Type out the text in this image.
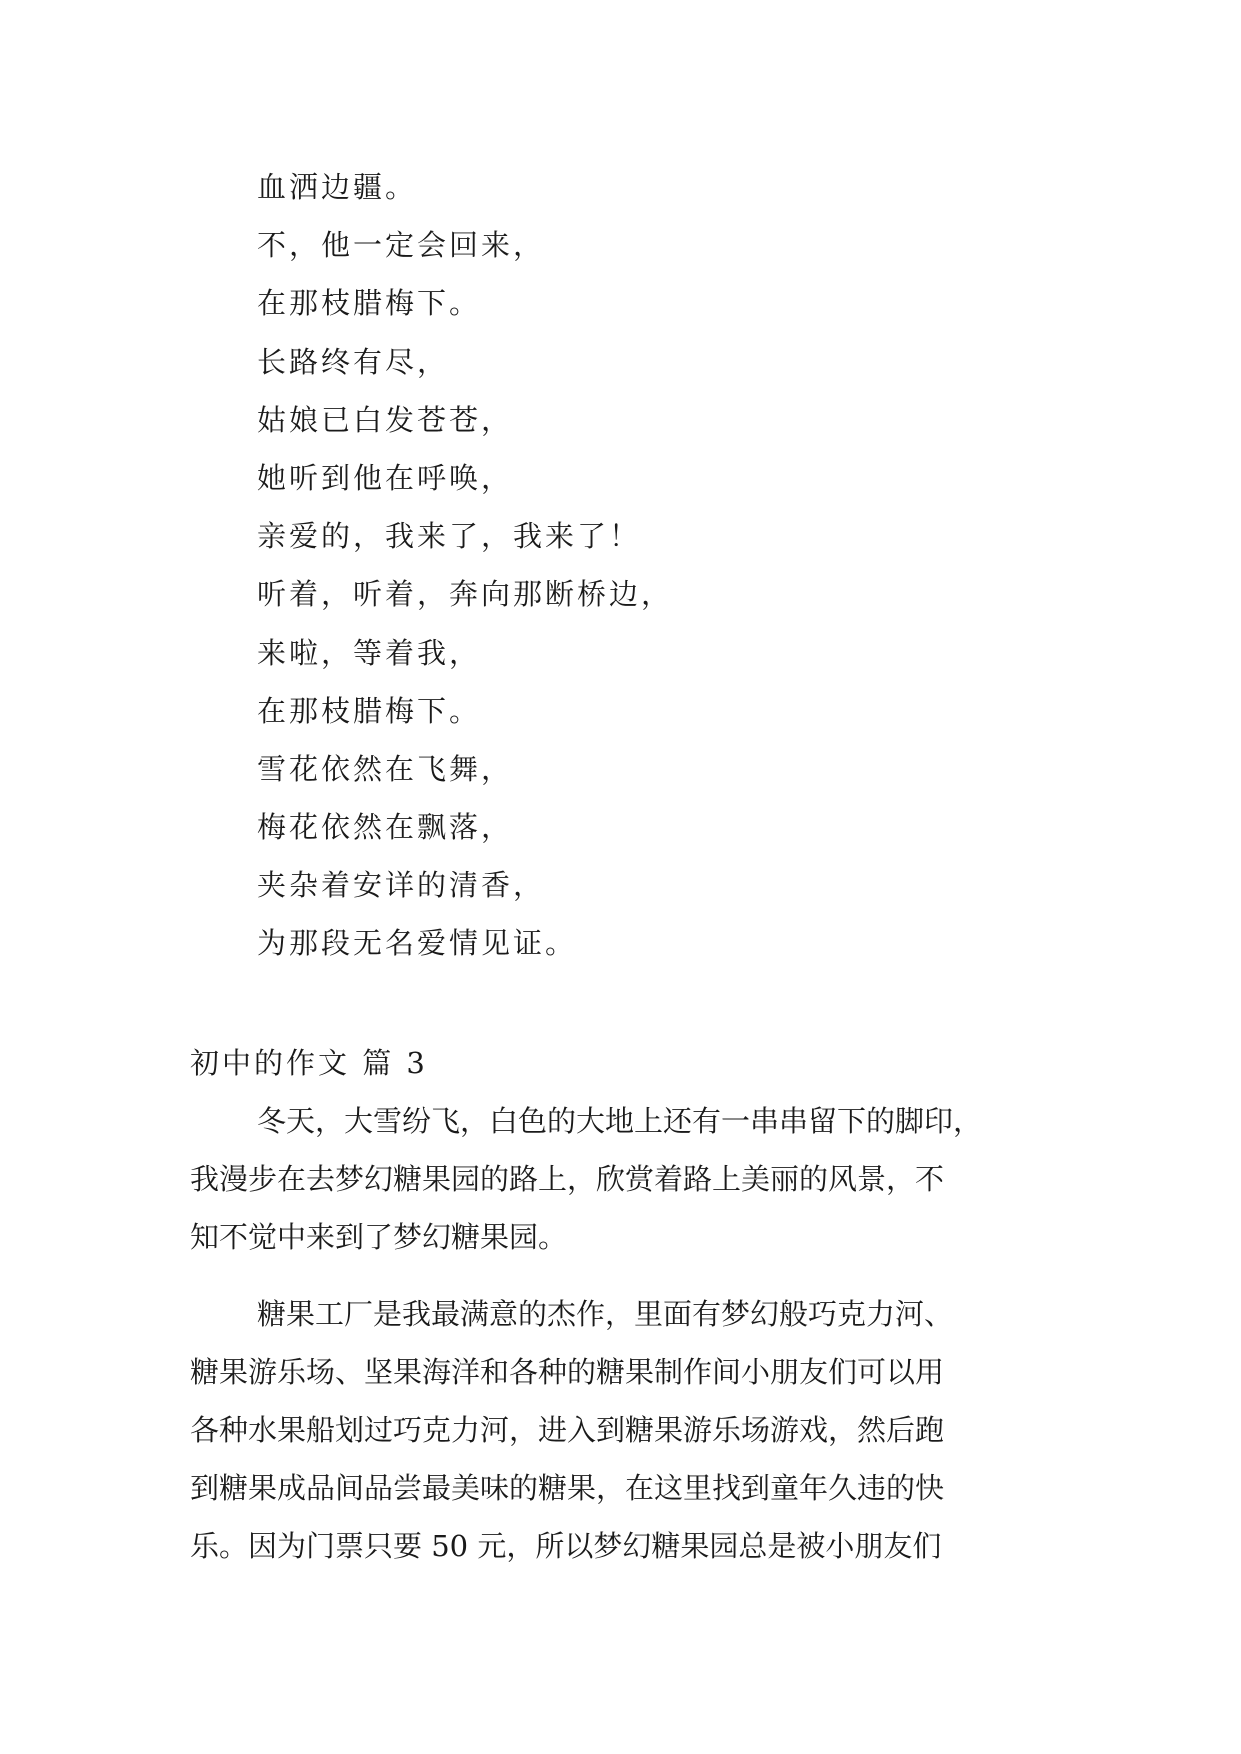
血洒边疆。
不，他一定会回来，
在那枝腊梅下。
长路终有尽，
姑娘已白发苍苍，
她听到他在呼唤，
亲爱的，我来了，我来了！
听着，听着，奔向那断桥边，
来啦，等着我，
在那枝腊梅下。
雪花依然在飞舞，
梅花依然在飘落，
夹杂着安详的清香，
为那段无名爱情见证。
初中的作文 篇 3
冬天，大雪纷飞，白色的大地上还有一串串留下的脚印，
我漫步在去梦幻糖果园的路上，欣赏着路上美丽的风景，不
知不觉中来到了梦幻糖果园。
糖果工厂是我最满意的杰作，里面有梦幻般巧克力河、
糖果游乐场、坚果海洋和各种的糖果制作间小朋友们可以用
各种水果船划过巧克力河，进入到糖果游乐场游戏，然后跑
到糖果成品间品尝最美味的糖果，在这里找到童年久违的快
乐。因为门票只要 50 元，所以梦幻糖果园总是被小朋友们
